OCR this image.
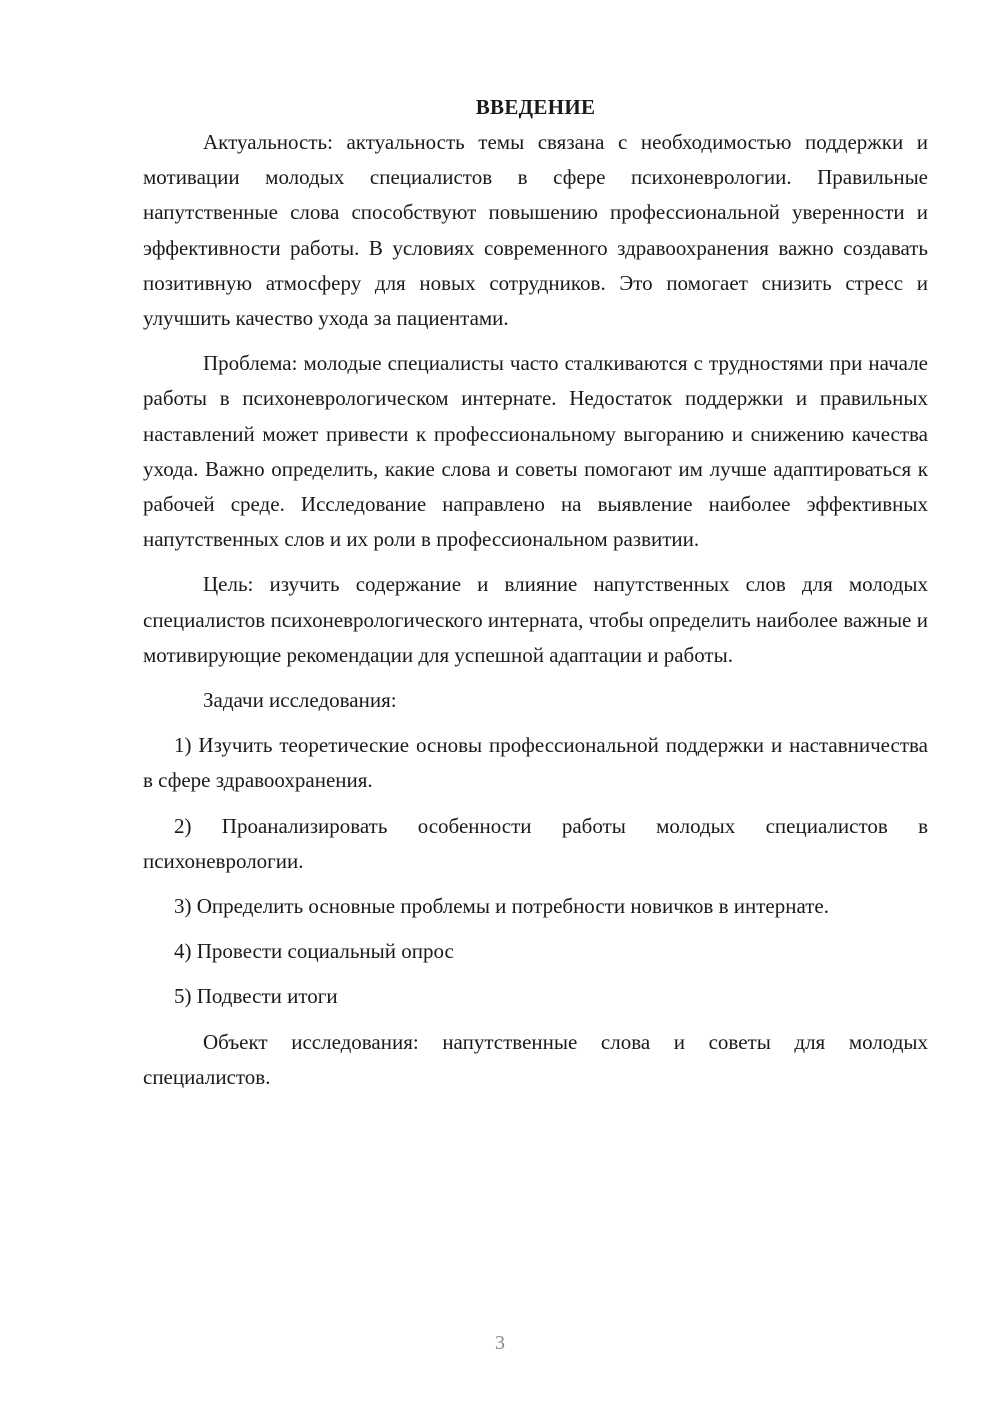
ВВЕДЕНИЕ

Актуальность: актуальность темы связана с необходимостью поддержки и мотивации молодых специалистов в сфере психоневрологии. Правильные напутственные слова способствуют повышению профессиональной уверенности и эффективности работы. В условиях современного здравоохранения важно создавать позитивную атмосферу для новых сотрудников. Это помогает снизить стресс и улучшить качество ухода за пациентами.

Проблема: молодые специалисты часто сталкиваются с трудностями при начале работы в психоневрологическом интернате. Недостаток поддержки и правильных наставлений может привести к профессиональному выгоранию и снижению качества ухода. Важно определить, какие слова и советы помогают им лучше адаптироваться к рабочей среде. Исследование направлено на выявление наиболее эффективных напутственных слов и их роли в профессиональном развитии.

Цель: изучить содержание и влияние напутственных слов для молодых специалистов психоневрологического интерната, чтобы определить наиболее важные и мотивирующие рекомендации для успешной адаптации и работы.

Задачи исследования:

1) Изучить теоретические основы профессиональной поддержки и наставничества в сфере здравоохранения.

2) Проанализировать особенности работы молодых специалистов в психоневрологии.

3) Определить основные проблемы и потребности новичков в интернате.

4) Провести социальный опрос

5) Подвести итоги

Объект исследования: напутственные слова и советы для молодых специалистов.

3
